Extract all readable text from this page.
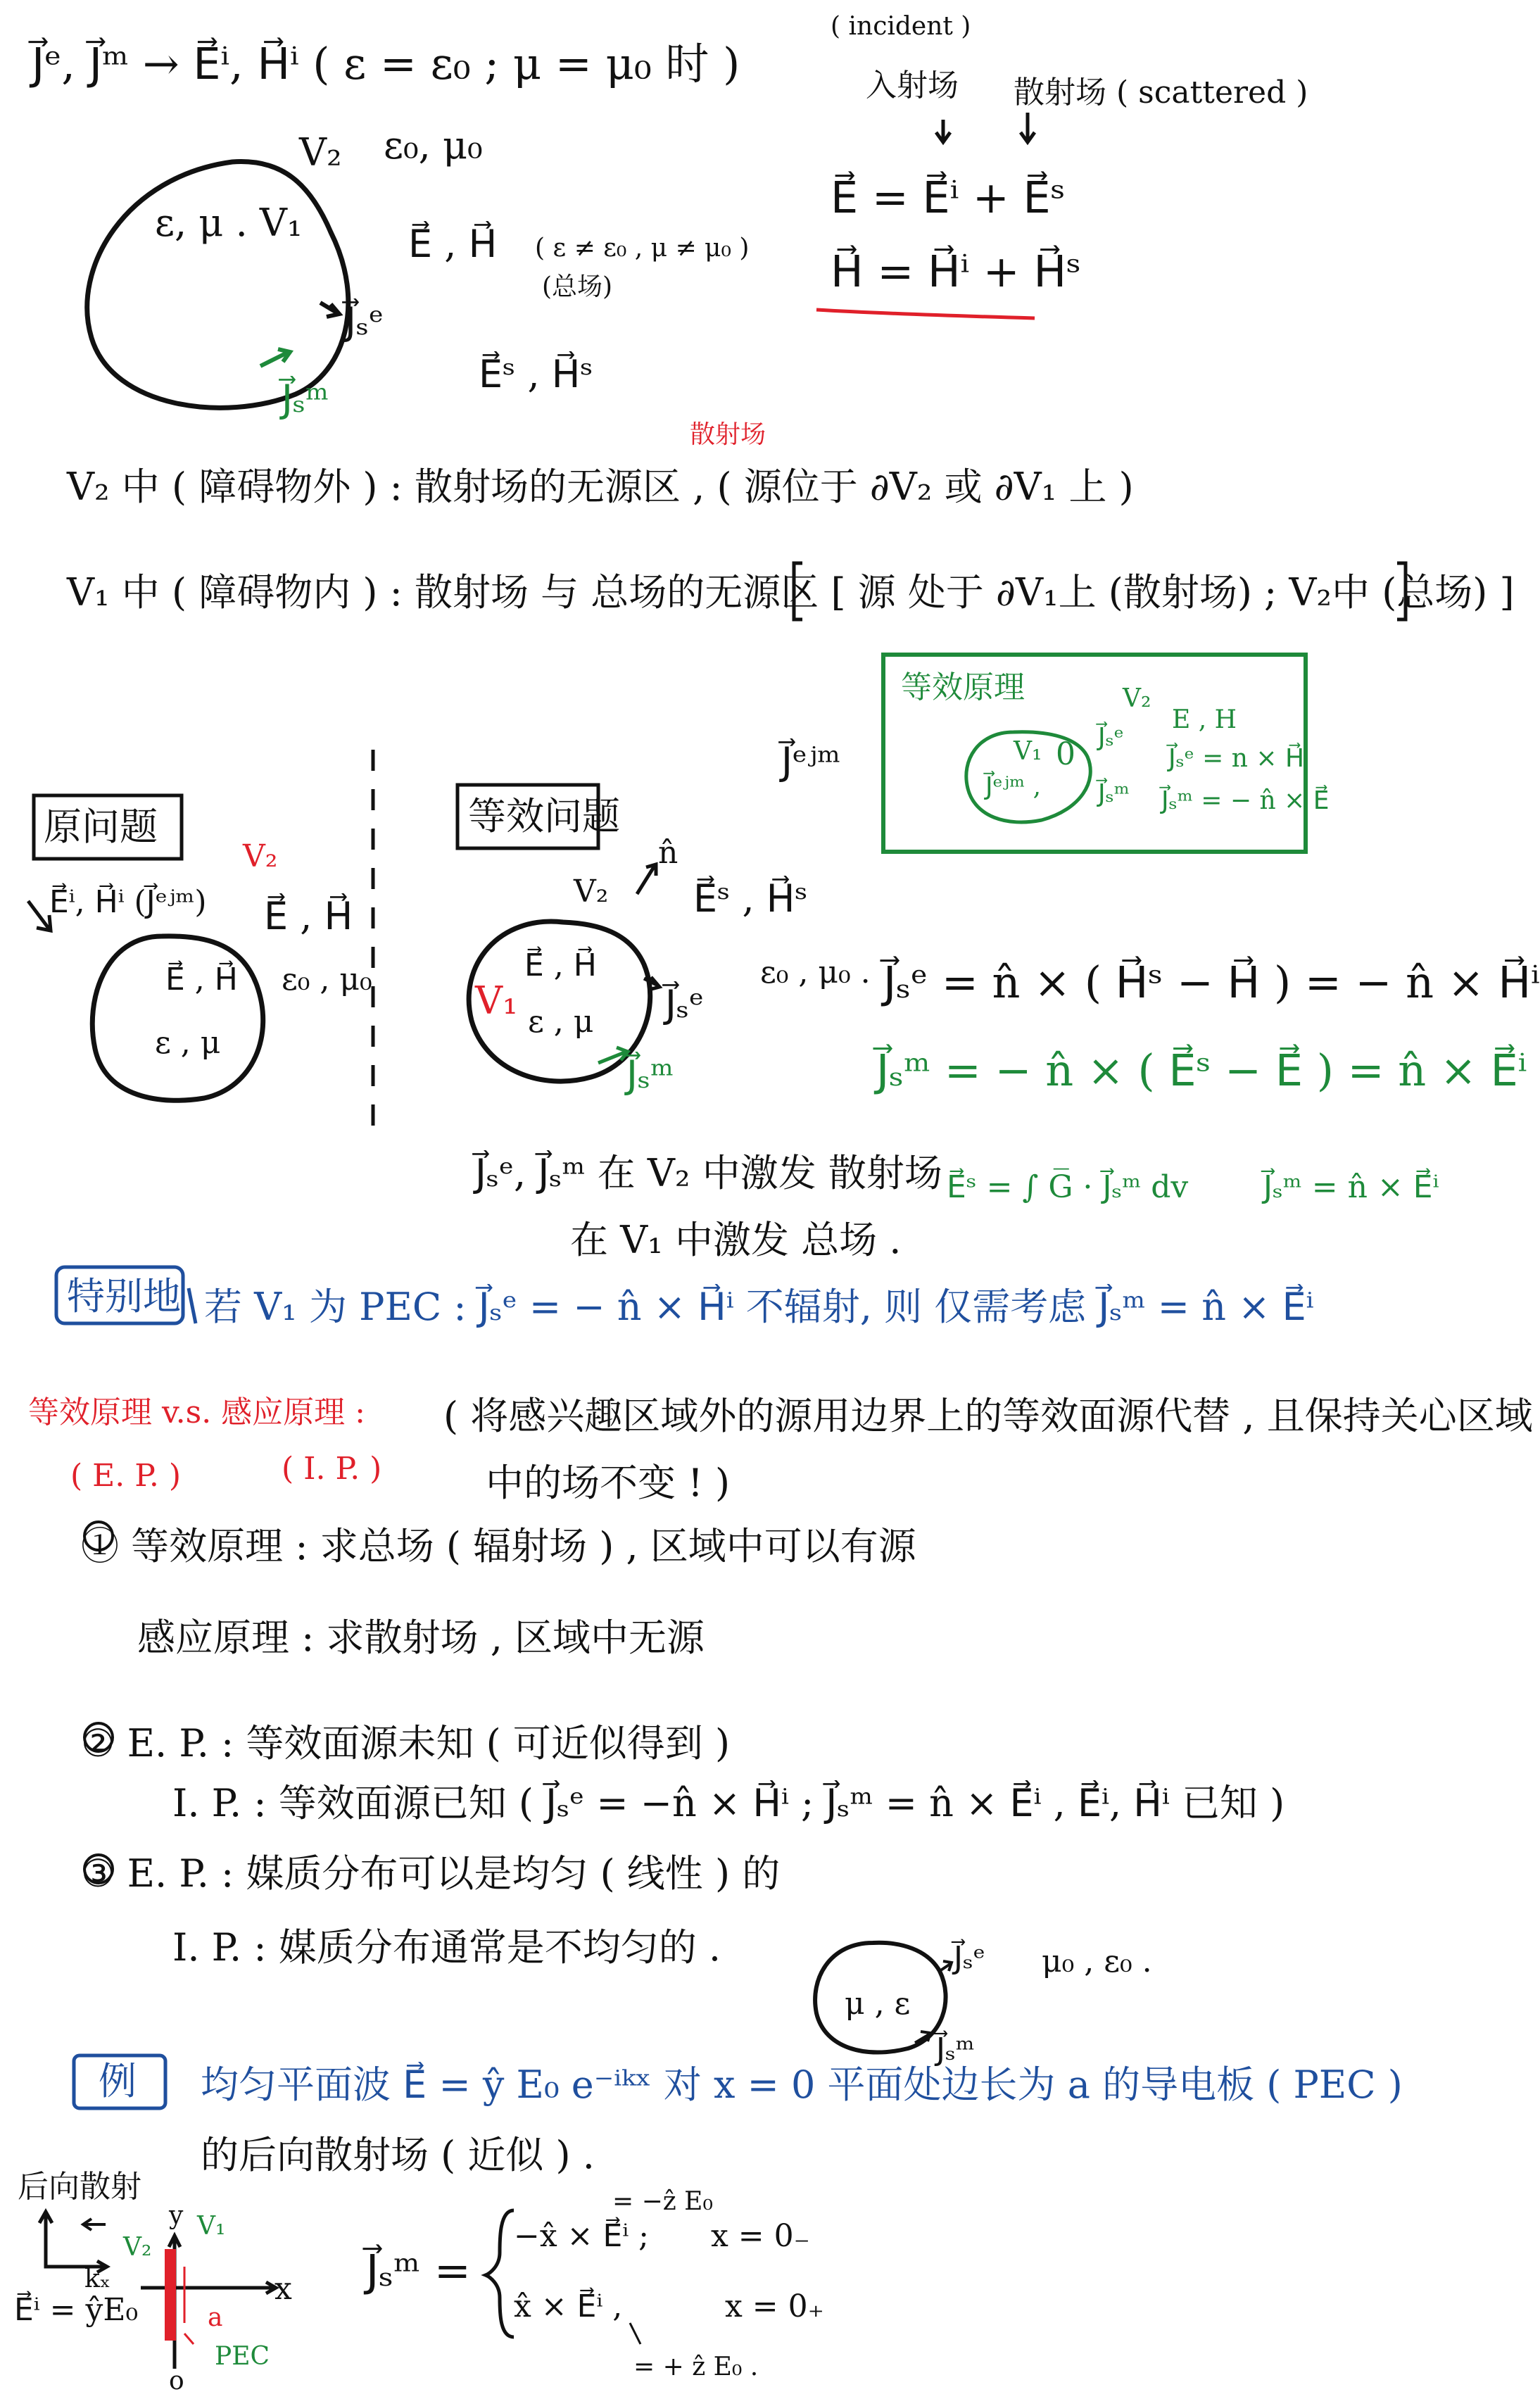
J⃗ᵉ, J⃗ᵐ → E⃗ⁱ, H⃗ⁱ ( ε = ε₀ ; μ = μ₀ 时 )
V₂ ε₀, μ₀
ε, μ . V₁	E⃗ , H⃗ ( ε ≠ ε₀ , μ ≠ μ₀ )
(总场)
J⃗ₛᵉ
J⃗ₛᵐ
E⃗ˢ , H⃗ˢ
( incident )
入射场 散射场 ( scattered )
E⃗ = E⃗ⁱ + E⃗ˢ
H⃗ = H⃗ⁱ + H⃗ˢ
散射场
V₂ 中 ( 障碍物外 ) : 散射场的无源区 , ( 源位于 ∂V₂ 或 ∂V₁ 上 )
V₁ 中 ( 障碍物内 ) : 散射场 与 总场的无源区 [ 源 处于 ∂V₁上 (散射场) ; V₂中 (总场) ]
原问题
V₂
E⃗ⁱ, H⃗ⁱ (J⃗ᵉʲᵐ) E⃗ , H⃗
ε₀ , μ₀
E⃗ , H⃗
ε , μ
等效问题
n̂
V₂ E⃗ˢ , H⃗ˢ
V₁
E⃗ , H⃗
ε , μ
ε₀ , μ₀ .
J⃗ₛᵉ
J⃗ₛᵐ
J⃗ₛᵉ = n̂ × ( H⃗ˢ − H⃗ ) = − n̂ × H⃗ⁱ
J⃗ₛᵐ = − n̂ × ( E⃗ˢ − E⃗ ) = n̂ × E⃗ⁱ
J⃗ₛᵉ, J⃗ₛᵐ 在 V₂ 中激发 散射场
在 V₁ 中激发 总场 .
E⃗ˢ = ∫ G̅ · J⃗ₛᵐ dv J⃗ₛᵐ = n̂ × E⃗ⁱ
J⃗ᵉʲᵐ
等效原理	V₂
E , H
V₁ 0
J⃗ᵉʲᵐ ,
J⃗ₛᵉ
J⃗ₛᵐ
J⃗ₛᵉ = n × H⃗
J⃗ₛᵐ = − n̂ × E⃗
特别地 若 V₁ 为 PEC : J⃗ₛᵉ = − n̂ × H⃗ⁱ 不辐射, 则 仅需考虑 J⃗ₛᵐ = n̂ × E⃗ⁱ
等效原理 v.s. 感应原理 :
( E. P. )	( I. P. )
( 将感兴趣区域外的源用边界上的等效面源代替 , 且保持关心区域
中的场不变 ! )
① 等效原理 : 求总场 ( 辐射场 ) , 区域中可以有源
感应原理 : 求散射场 , 区域中无源
② E. P. : 等效面源未知 ( 可近似得到 )
I. P. : 等效面源已知 ( J⃗ₛᵉ = −n̂ × H⃗ⁱ ; J⃗ₛᵐ = n̂ × E⃗ⁱ , E⃗ⁱ, H⃗ⁱ 已知 )
③ E. P. : 媒质分布可以是均匀 ( 线性 ) 的
I. P. : 媒质分布通常是不均匀的 .
μ , ε
J⃗ₛᵉ
J⃗ₛᵐ
μ₀ , ε₀ .
例 均匀平面波 E⃗ = ŷ E₀ e⁻ⁱᵏˣ 对 x = 0 平面处边长为 a 的导电板 ( PEC )
的后向散射场 ( 近似 ) .
后向散射
V₂
V₁
y
x
kₓ
a
o
PEC
E⃗ⁱ = ŷE₀
J⃗ₛᵐ =
= −ẑ E₀
−x̂ × E⃗ⁱ ; x = 0₋
x̂ × E⃗ⁱ ,	x = 0₊
= + ẑ E₀ .
